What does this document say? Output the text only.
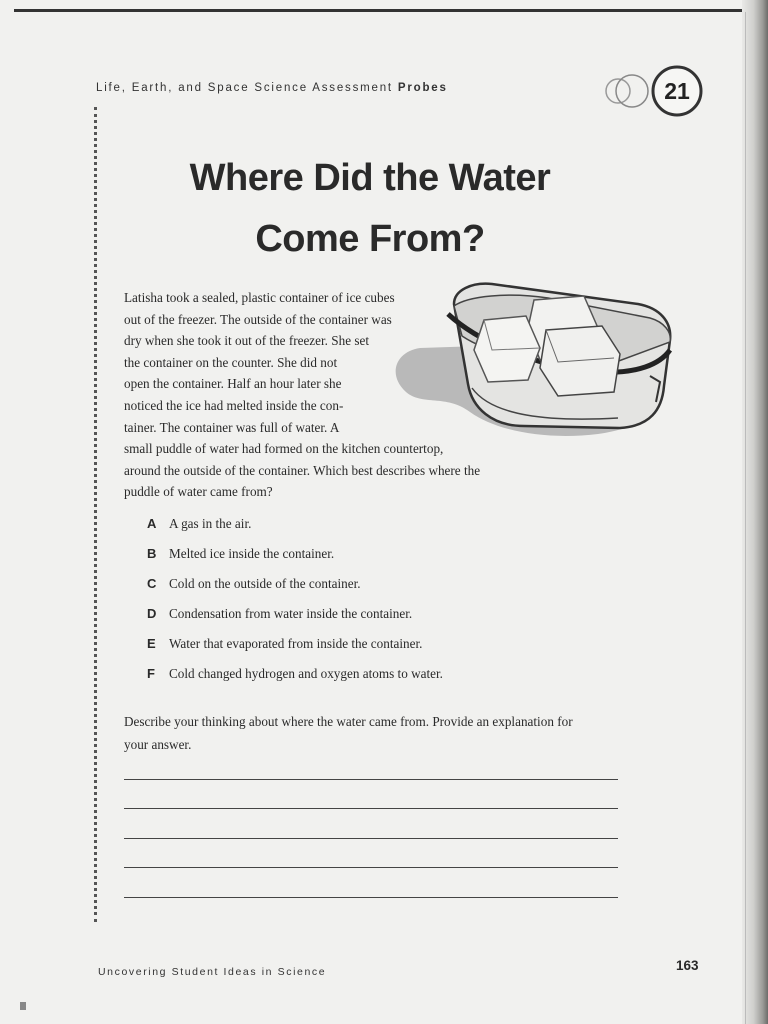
Life, Earth, and Space Science Assessment Probes	21
Where Did the Water
Come From?
Latisha took a sealed, plastic container of ice cubes
out of the freezer. The outside of the container was
dry when she took it out of the freezer. She set
the container on the counter. She did not
open the container. Half an hour later she
noticed the ice had melted inside the con-
tainer. The container was full of water. A
small puddle of water had formed on the kitchen countertop,
around the outside of the container. Which best describes where the
puddle of water came from?
A A gas in the air.
B Melted ice inside the container.
C Cold on the outside of the container.
D Condensation from water inside the container.
E	Water that evaporated from inside the container.
F	Cold changed hydrogen and oxygen atoms to water.
Describe your thinking about where the water came from. Provide an explanation for
your answer.
Uncovering Student Ideas in Science	163
